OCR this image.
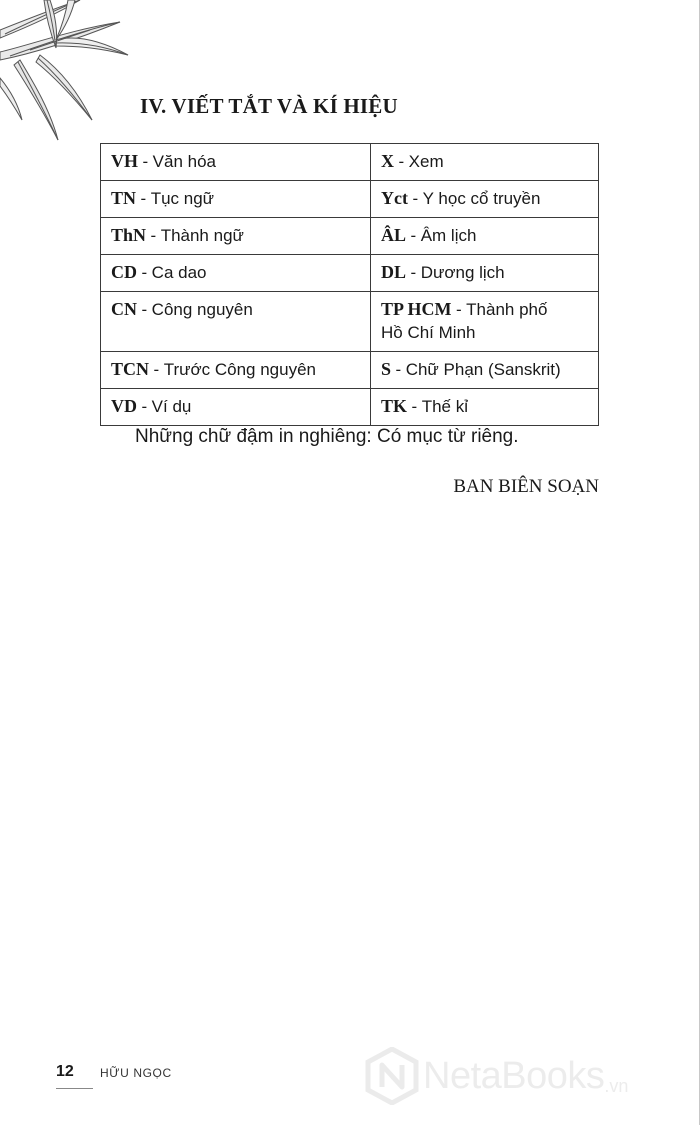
IV. VIẾT TẮT VÀ KÍ HIỆU
VH - Văn hóa	X - Xem
TN - Tục ngữ	Yct - Y học cổ truyền
ThN - Thành ngữ	ÂL - Âm lịch
CD - Ca dao	DL - Dương lịch
CN - Công nguyên	TP HCM - Thành phố Hồ Chí Minh
TCN - Trước Công nguyên	S - Chữ Phạn (Sanskrit)
VD - Ví dụ	TK - Thế kỉ

Những chữ đậm in nghiêng: Có mục từ riêng.

BAN BIÊN SOẠN

12 HỮU NGỌC	NetaBooks .vn
